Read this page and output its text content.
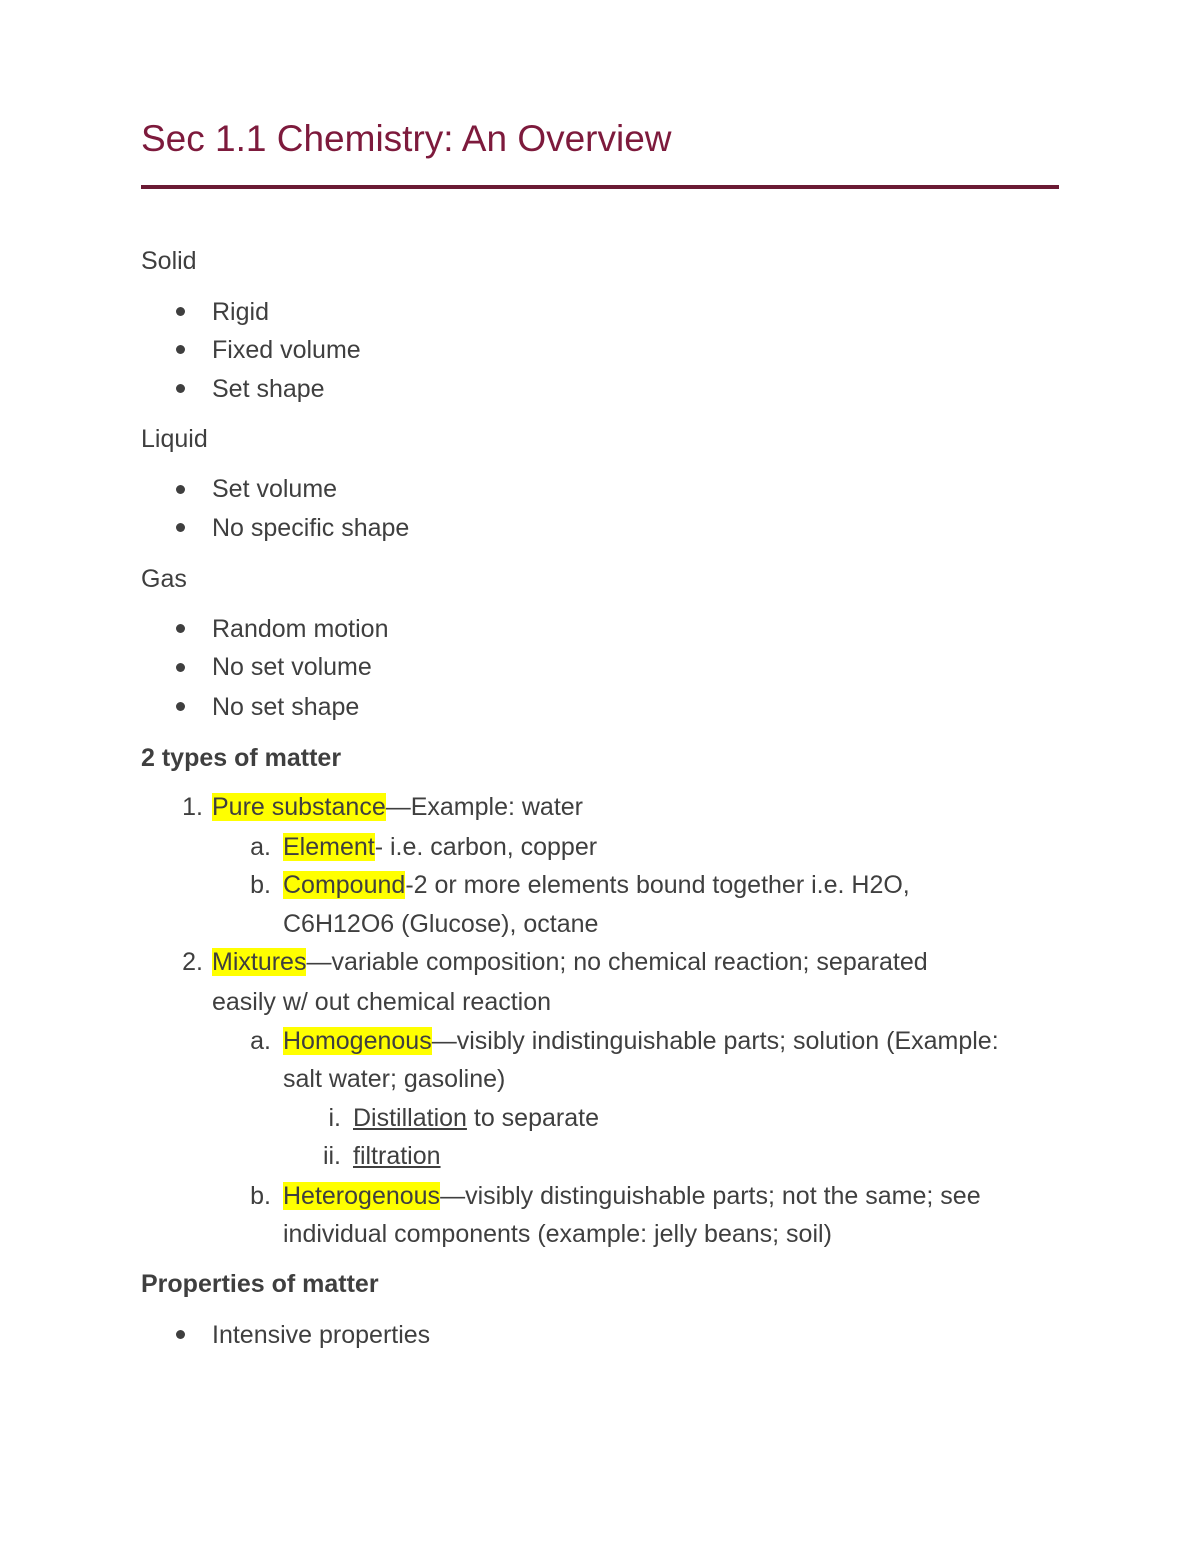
Sec 1.1 Chemistry: An Overview
Solid
Rigid
Fixed volume
Set shape
Liquid
Set volume
No specific shape
Gas
Random motion
No set volume
No set shape
2 types of matter
1. Pure substance—Example: water
a. Element- i.e. carbon, copper
b. Compound-2 or more elements bound together i.e. H2O,
C6H12O6 (Glucose), octane
2. Mixtures—variable composition; no chemical reaction; separated
easily w/ out chemical reaction
a. Homogenous—visibly indistinguishable parts; solution (Example:
salt water; gasoline)
i. Distillation to separate
ii. filtration
b. Heterogenous—visibly distinguishable parts; not the same; see
individual components (example: jelly beans; soil)
Properties of matter
Intensive properties
